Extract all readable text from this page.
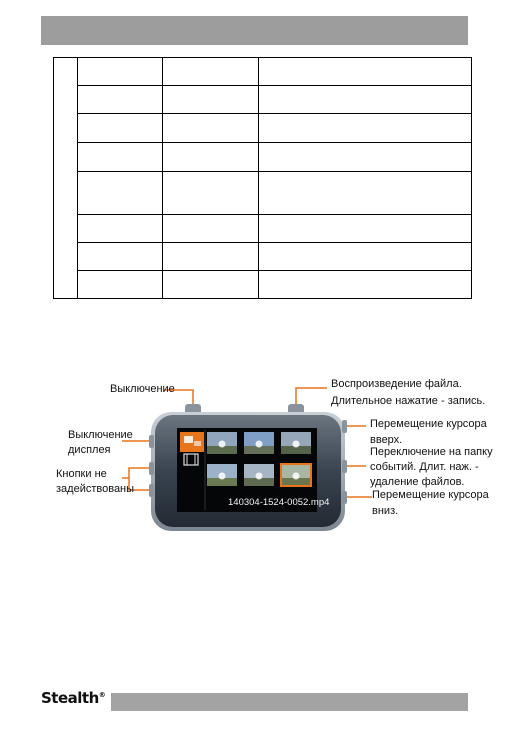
140304-1524-0052.mp4
Выключение	Воспроизведение файла.
Длительное нажатие - запись.
Выключение
дисплея
Перемещение курсора
вверх.
Переключение на папку
событий. Длит. наж. -
удаление файлов.
Кнопки не
задействованы	Перемещение курсора
вниз.
Stealth®
